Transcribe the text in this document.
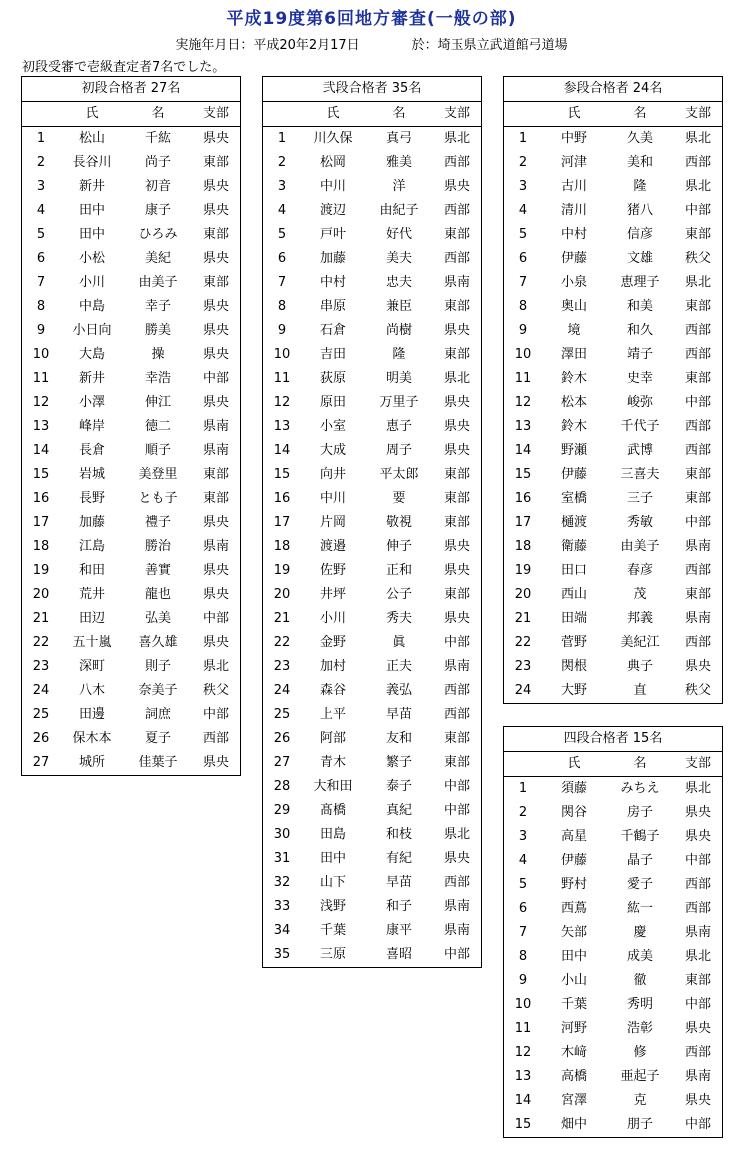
平成19度第6回地方審査(一般の部)
実施年月日：平成20年2月17日　　　　於：埼玉県立武道館弓道場
初段受審で壱級査定者7名でした。
初段合格者 27名
氏	名	支部
1	松山	千紘	県央
2	長谷川	尚子	東部
3	新井	初音	県央
4	田中	康子	県央
5	田中	ひろみ	東部
6	小松	美紀	県央
7	小川	由美子	東部
8	中島	幸子	県央
9	小日向	勝美	県央
10	大島	操	県央
11	新井	幸浩	中部
12	小澤	伸江	県央
13	峰岸	徳二	県南
14	長倉	順子	県南
15	岩城	美登里	東部
16	長野	とも子	東部
17	加藤	禮子	県央
18	江島	勝治	県南
19	和田	善實	県央
20	荒井	龍也	県央
21	田辺	弘美	中部
22	五十嵐	喜久雄	県央
23	深町	則子	県北
24	八木	奈美子	秩父
25	田邊	詞庶	中部
26	保木本	夏子	西部
27	城所	佳葉子	県央
弐段合格者 35名
氏	名	支部
1	川久保	真弓	県北
2	松岡	雅美	西部
3	中川	洋	県央
4	渡辺	由紀子	西部
5	戸叶	好代	東部
6	加藤	美夫	西部
7	中村	忠夫	県南
8	串原	兼臣	東部
9	石倉	尚樹	県央
10	吉田	隆	東部
11	荻原	明美	県北
12	原田	万里子	県央
13	小室	恵子	県央
14	大成	周子	県央
15	向井	平太郎	東部
16	中川	要	東部
17	片岡	敬視	東部
18	渡邉	伸子	県央
19	佐野	正和	県央
20	井坪	公子	東部
21	小川	秀夫	県央
22	金野	眞	中部
23	加村	正夫	県南
24	森谷	義弘	西部
25	上平	早苗	西部
26	阿部	友和	東部
27	青木	繁子	東部
28	大和田	泰子	中部
29	髙橋	真紀	中部
30	田島	和枝	県北
31	田中	有紀	県央
32	山下	早苗	西部
33	浅野	和子	県南
34	千葉	康平	県南
35	三原	喜昭	中部
参段合格者 24名
氏	名	支部
1	中野	久美	県北
2	河津	美和	西部
3	古川	隆	県北
4	清川	猪八	中部
5	中村	信彦	東部
6	伊藤	文雄	秩父
7	小泉	恵理子	県北
8	奥山	和美	東部
9	境	和久	西部
10	澤田	靖子	西部
11	鈴木	史幸	東部
12	松本	峻弥	中部
13	鈴木	千代子	西部
14	野瀬	武博	西部
15	伊藤	三喜夫	東部
16	室橋	三子	東部
17	樋渡	秀敏	中部
18	衛藤	由美子	県南
19	田口	春彦	西部
20	西山	茂	東部
21	田端	邦義	県南
22	菅野	美紀江	西部
23	関根	典子	県央
24	大野	直	秩父
四段合格者 15名
氏	名	支部
1	須藤	みちえ	県北
2	関谷	房子	県央
3	高星	千鶴子	県央
4	伊藤	晶子	中部
5	野村	愛子	西部
6	西蔦	紘一	西部
7	矢部	慶	県南
8	田中	成美	県北
9	小山	徹	東部
10	千葉	秀明	中部
11	河野	浩彰	県央
12	木﨑	修	西部
13	高橋	亜起子	県南
14	宮澤	克	県央
15	畑中	朋子	中部
